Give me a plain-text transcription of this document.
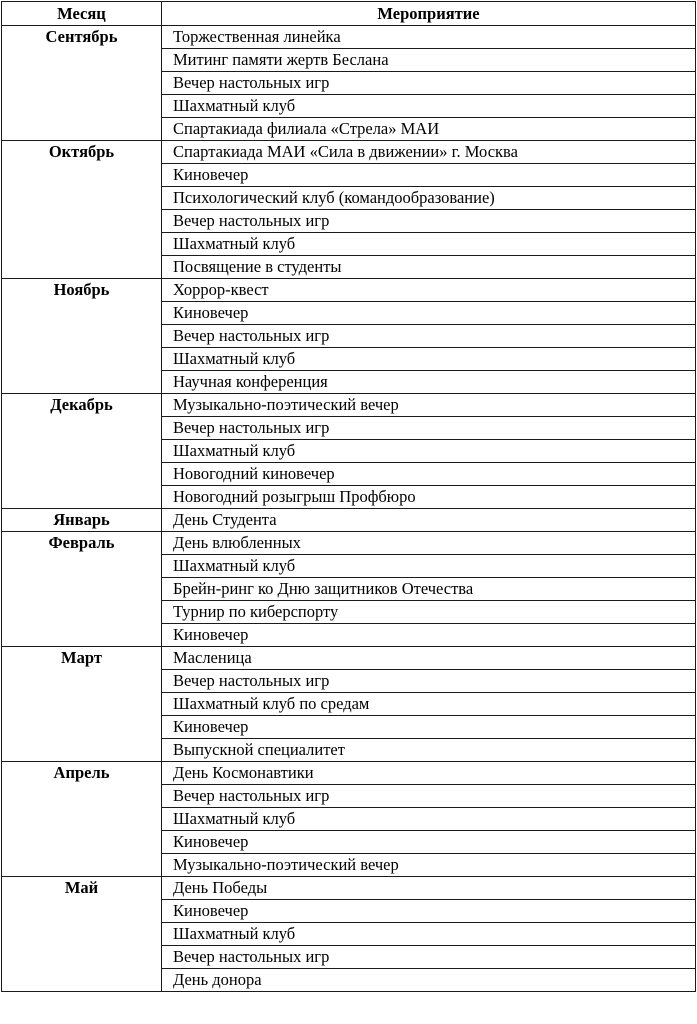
Месяц	Мероприятие
Сентябрь	Торжественная линейка
	Митинг памяти жертв Беслана
	Вечер настольных игр
	Шахматный клуб
	Спартакиада филиала «Стрела» МАИ
Октябрь	Спартакиада МАИ «Сила в движении» г. Москва
	Киновечер
	Психологический клуб (командообразование)
	Вечер настольных игр
	Шахматный клуб
	Посвящение в студенты
Ноябрь	Хоррор-квест
	Киновечер
	Вечер настольных игр
	Шахматный клуб
	Научная конференция
Декабрь	Музыкально-поэтический вечер
	Вечер настольных игр
	Шахматный клуб
	Новогодний киновечер
	Новогодний розыгрыш Профбюро
Январь	День Студента
Февраль	День влюбленных
	Шахматный клуб
	Брейн-ринг ко Дню защитников Отечества
	Турнир по киберспорту
	Киновечер
Март	Масленица
	Вечер настольных игр
	Шахматный клуб по средам
	Киновечер
	Выпускной специалитет
Апрель	День Космонавтики
	Вечер настольных игр
	Шахматный клуб
	Киновечер
	Музыкально-поэтический вечер
Май	День Победы
	Киновечер
	Шахматный клуб
	Вечер настольных игр
	День донора
